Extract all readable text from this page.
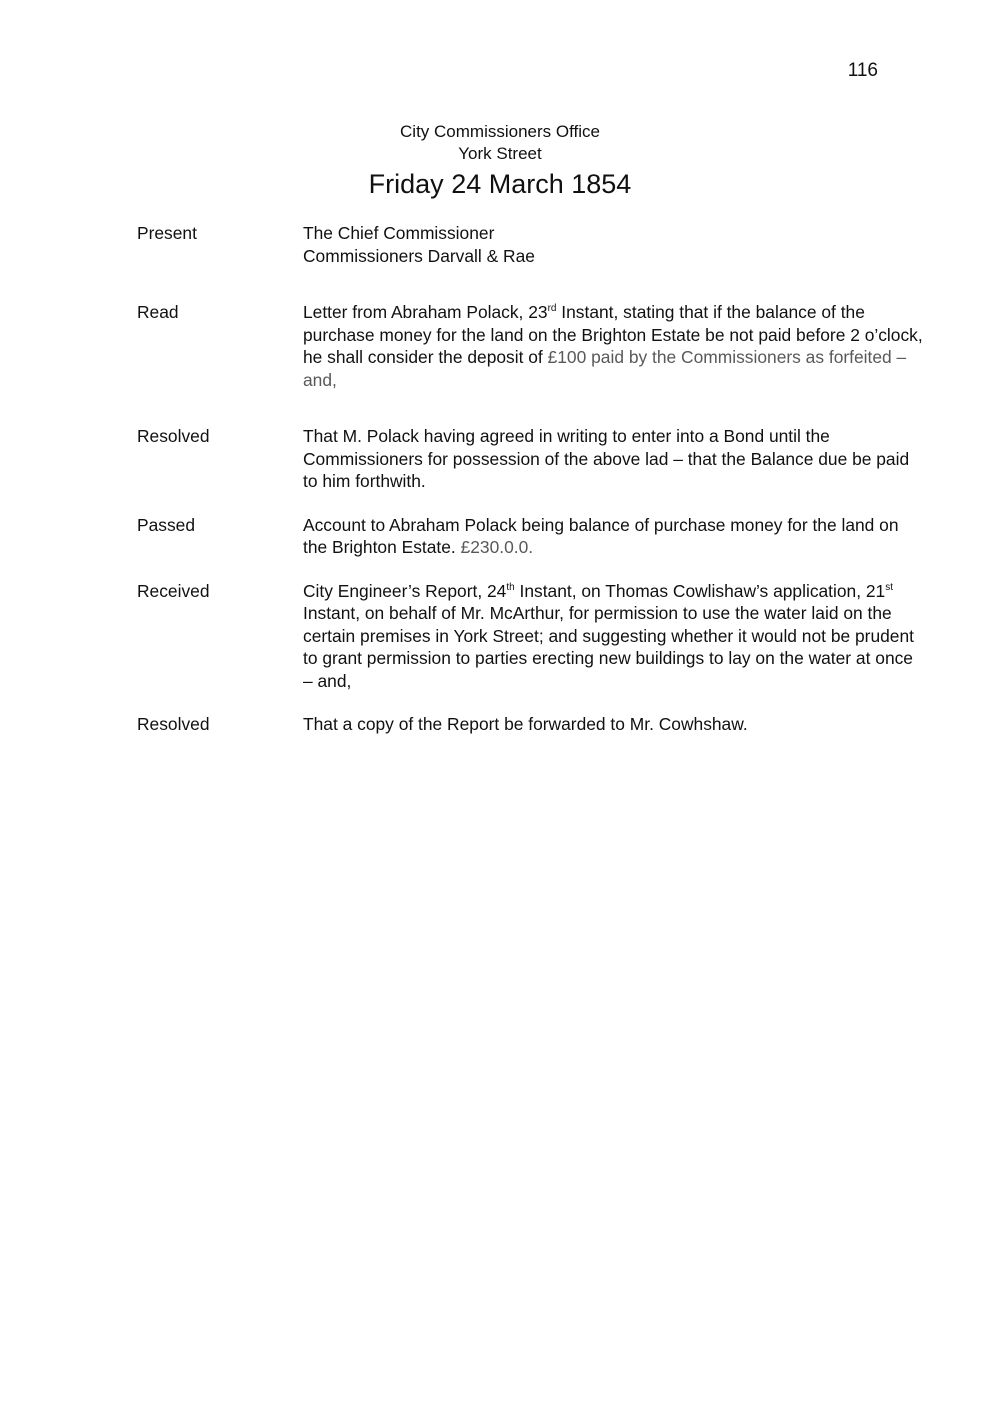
116
City Commissioners Office
York Street
Friday 24 March 1854
Present	The Chief Commissioner

Commissioners Darvall & Rae

Read	Letter from Abraham Polack, 23rd Instant, stating that if the balance of the purchase money for the land on the Brighton Estate be not paid before 2 o’clock, he shall consider the deposit of £100 paid by the Commissioners as forfeited – and,

Resolved	That M. Polack having agreed in writing to enter into a Bond until the Commissioners for possession of the above lad – that the Balance due be paid to him forthwith.

Passed	Account to Abraham Polack being balance of purchase money for the land on the Brighton Estate. £230.0.0.

Received	City Engineer’s Report, 24th Instant, on Thomas Cowlishaw’s application, 21st Instant, on behalf of Mr. McArthur, for permission to use the water laid on the certain premises in York Street; and suggesting whether it would not be prudent to grant permission to parties erecting new buildings to lay on the water at once – and,

Resolved	That a copy of the Report be forwarded to Mr. Cowhshaw.
